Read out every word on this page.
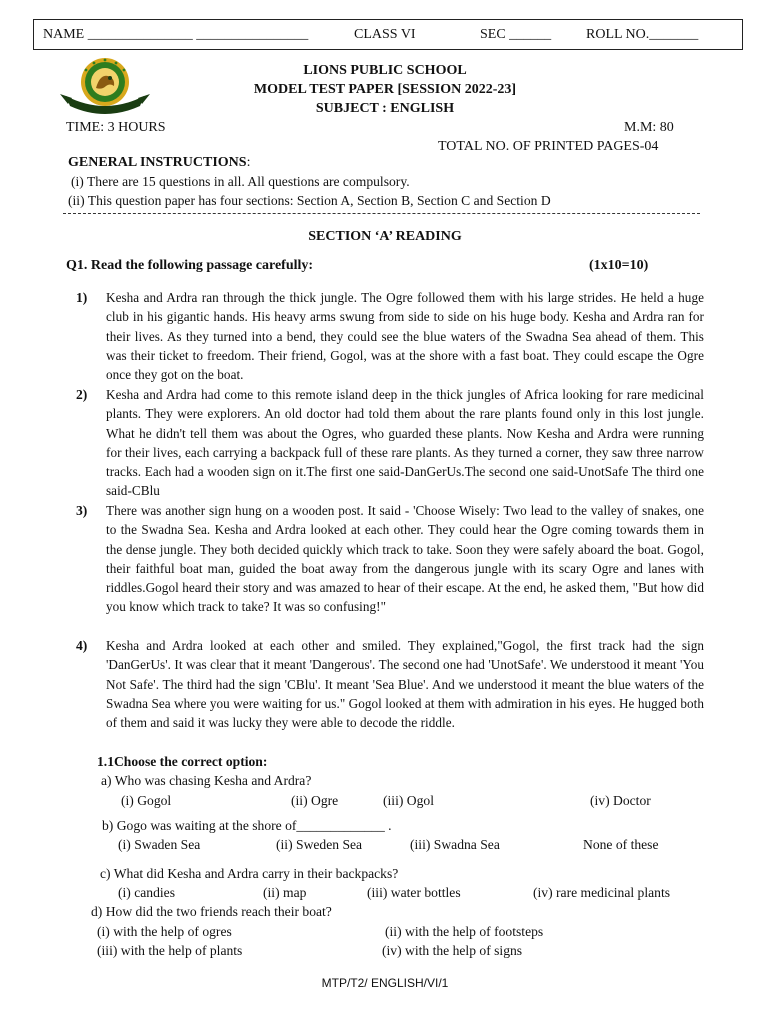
NAME _______________ ________________	CLASS VI	SEC ______ ROLL NO._______
LIONS PUBLIC SCHOOL
MODEL TEST PAPER [SESSION 2022-23]
SUBJECT : ENGLISH
TIME: 3 HOURS	M.M: 80
TOTAL NO. OF PRINTED PAGES-04
GENERAL INSTRUCTIONS:
(i) There are 15 questions in all. All questions are compulsory.
(ii) This question paper has four sections: Section A, Section B, Section C and Section D
SECTION ‘A’ READING
Q1. Read the following passage carefully:	(1x10=10)
1) Kesha and Ardra ran through the thick jungle. The Ogre followed them with his large strides. He held a huge club in his gigantic hands. His heavy arms swung from side to side on his huge body. Kesha and Ardra ran for their lives. As they turned into a bend, they could see the blue waters of the Swadna Sea ahead of them. This was their ticket to freedom. Their friend, Gogol, was at the shore with a fast boat. They could escape the Ogre once they got on the boat.
2) Kesha and Ardra had come to this remote island deep in the thick jungles of Africa looking for rare medicinal plants. They were explorers. An old doctor had told them about the rare plants found only in this lost jungle. What he didn't tell them was about the Ogres, who guarded these plants. Now Kesha and Ardra were running for their lives, each carrying a backpack full of these rare plants. As they turned a corner, they saw three narrow tracks. Each had a wooden sign on it.The first one said-DanGerUs.The second one said-UnotSafe The third one said-CBlu
3) There was another sign hung on a wooden post. It said - 'Choose Wisely: Two lead to the valley of snakes, one to the Swadna Sea. Kesha and Ardra looked at each other. They could hear the Ogre coming towards them in the dense jungle. They both decided quickly which track to take. Soon they were safely aboard the boat. Gogol, their faithful boat man, guided the boat away from the dangerous jungle with its scary Ogre and lanes with riddles.Gogol heard their story and was amazed to hear of their escape. At the end, he asked them, "But how did you know which track to take? It was so confusing!"
4) Kesha and Ardra looked at each other and smiled. They explained,"Gogol, the first track had the sign 'DanGerUs'. It was clear that it meant 'Dangerous'. The second one had 'UnotSafe'. We understood it meant 'You Not Safe'. The third had the sign 'CBlu'. It meant 'Sea Blue'. And we understood it meant the blue waters of the Swadna Sea where you were waiting for us." Gogol looked at them with admiration in his eyes. He hugged both of them and said it was lucky they were able to decode the riddle.
1.1Choose the correct option:
a) Who was chasing Kesha and Ardra?
(i) Gogol	(ii) Ogre	(iii) Ogol	(iv) Doctor
b) Gogo was waiting at the shore of_____________ .
(i) Swaden Sea	(ii) Sweden Sea	(iii) Swadna Sea	None of these
c) What did Kesha and Ardra carry in their backpacks?
(i) candies	(ii) map	(iii) water bottles	(iv) rare medicinal plants
d) How did the two friends reach their boat?
(i) with the help of ogres	(ii) with the help of footsteps
(iii) with the help of plants	(iv) with the help of signs
MTP/T2/ ENGLISH/VI/1
